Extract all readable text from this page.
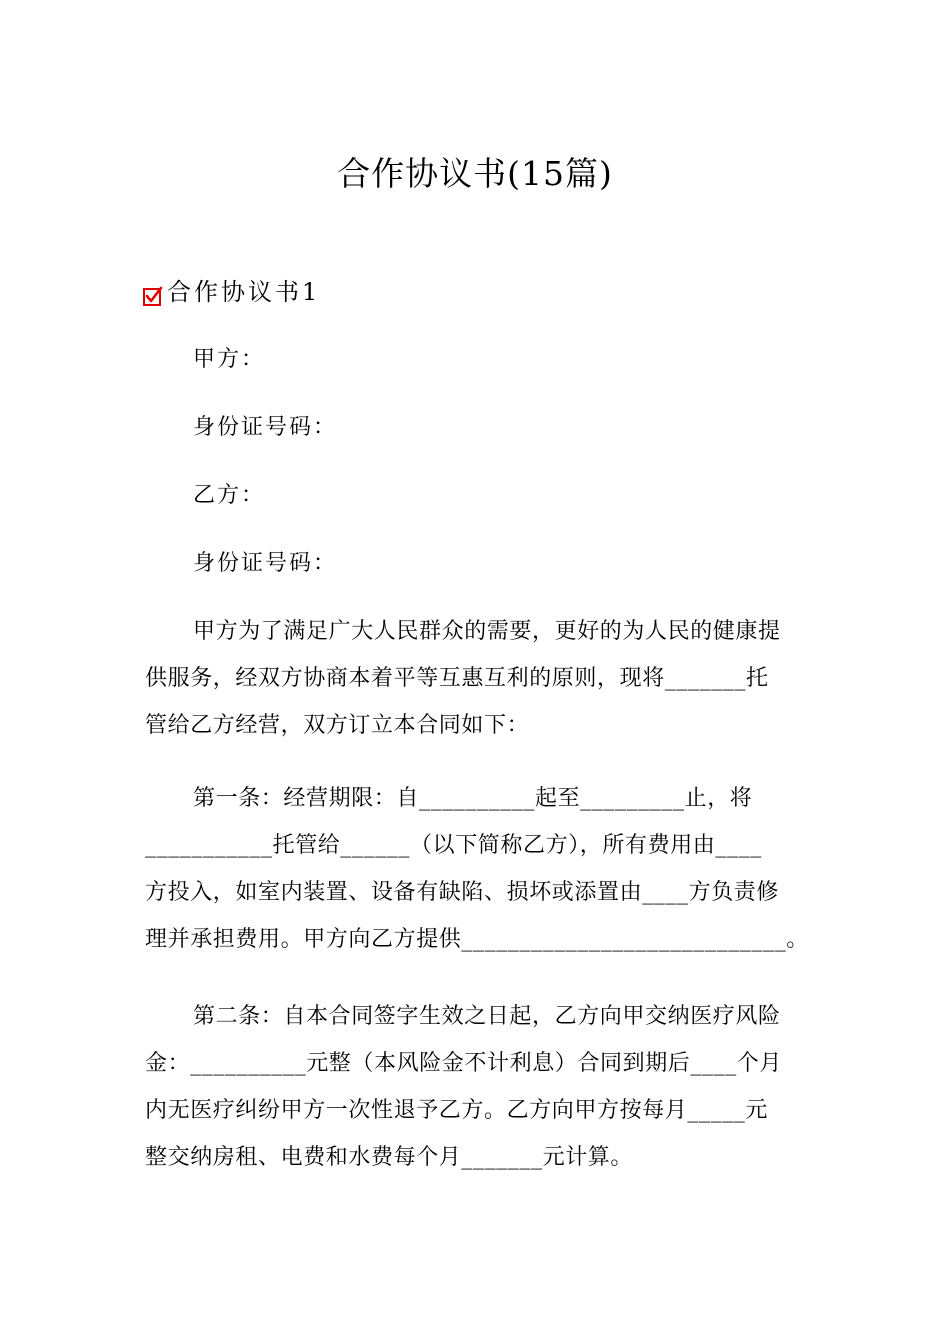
合作协议书(15篇)
合作协议书1

甲方：

身份证号码：

乙方：

身份证号码：

甲方为了满足广大人民群众的需要，更好的为人民的健康提
供服务，经双方协商本着平等互惠互利的原则，现将_______托
管给乙方经营，双方订立本合同如下：
第一条：经营期限：自__________起至_________止，将
___________托管给______（以下简称乙方），所有费用由____
方投入，如室内装置、设备有缺陷、损坏或添置由____方负责修
理并承担费用。甲方向乙方提供____________________________。
第二条：自本合同签字生效之日起，乙方向甲交纳医疗风险
金：__________元整（本风险金不计利息）合同到期后____个月
内无医疗纠纷甲方一次性退予乙方。乙方向甲方按每月_____元
整交纳房租、电费和水费每个月_______元计算。
